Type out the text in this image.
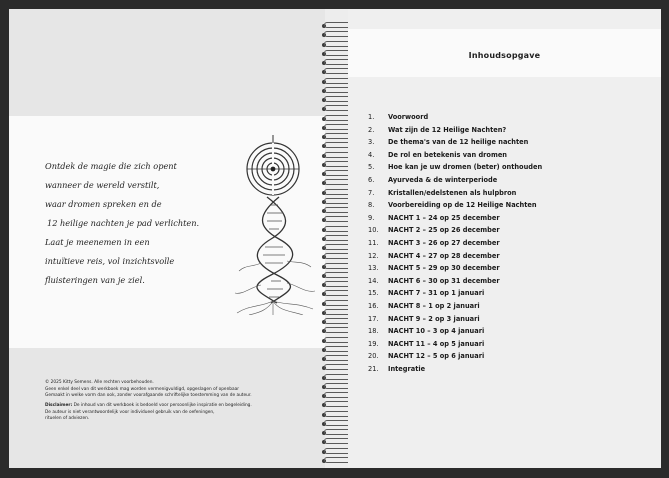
Ontdek de magie die zich opent
wanneer de wereld verstilt,
waar dromen spreken en de
12 heilige nachten je pad verlichten.
Laat je meenemen in een
intuïtieve reis, vol inzichtsvolle
fluisteringen van je ziel.

© 2025 Kitty Semens. Alle rechten voorbehouden.
Geen enkel deel van dit werkboek mag worden vermenigvuldigd, opgeslagen of openbaar
Gemaakt in welke vorm dan ook, zonder voorafgaande schriftelijke toestemming van de auteur.

Disclaimer: De inhoud van dit werkboek is bedoeld voor persoonlijke inspiratie en begeleiding.
De auteur is niet verantwoordelijk voor individueel gebruik van de oefeningen,
rituelen of adviezen.

Inhoudsopgave
1. Voorwoord
2. Wat zijn de 12 Heilige Nachten?
3. De thema's van de 12 heilige nachten
4. De rol en betekenis van dromen
5. Hoe kan je uw dromen (beter) onthouden
6. Ayurveda & de winterperiode
7. Kristallen/edelstenen als hulpbron
8. Voorbereiding op de 12 Heilige Nachten
9. NACHT 1 – 24 op 25 december
10. NACHT 2 – 25 op 26 december
11. NACHT 3 – 26 op 27 december
12. NACHT 4 – 27 op 28 december
13. NACHT 5 – 29 op 30 december
14. NACHT 6 – 30 op 31 december
15. NACHT 7 – 31 op 1 januari
16. NACHT 8 – 1 op 2 januari
17. NACHT 9 – 2 op 3 januari
18. NACHT 10 – 3 op 4 januari
19. NACHT 11 – 4 op 5 januari
20. NACHT 12 – 5 op 6 januari
21. Integratie
